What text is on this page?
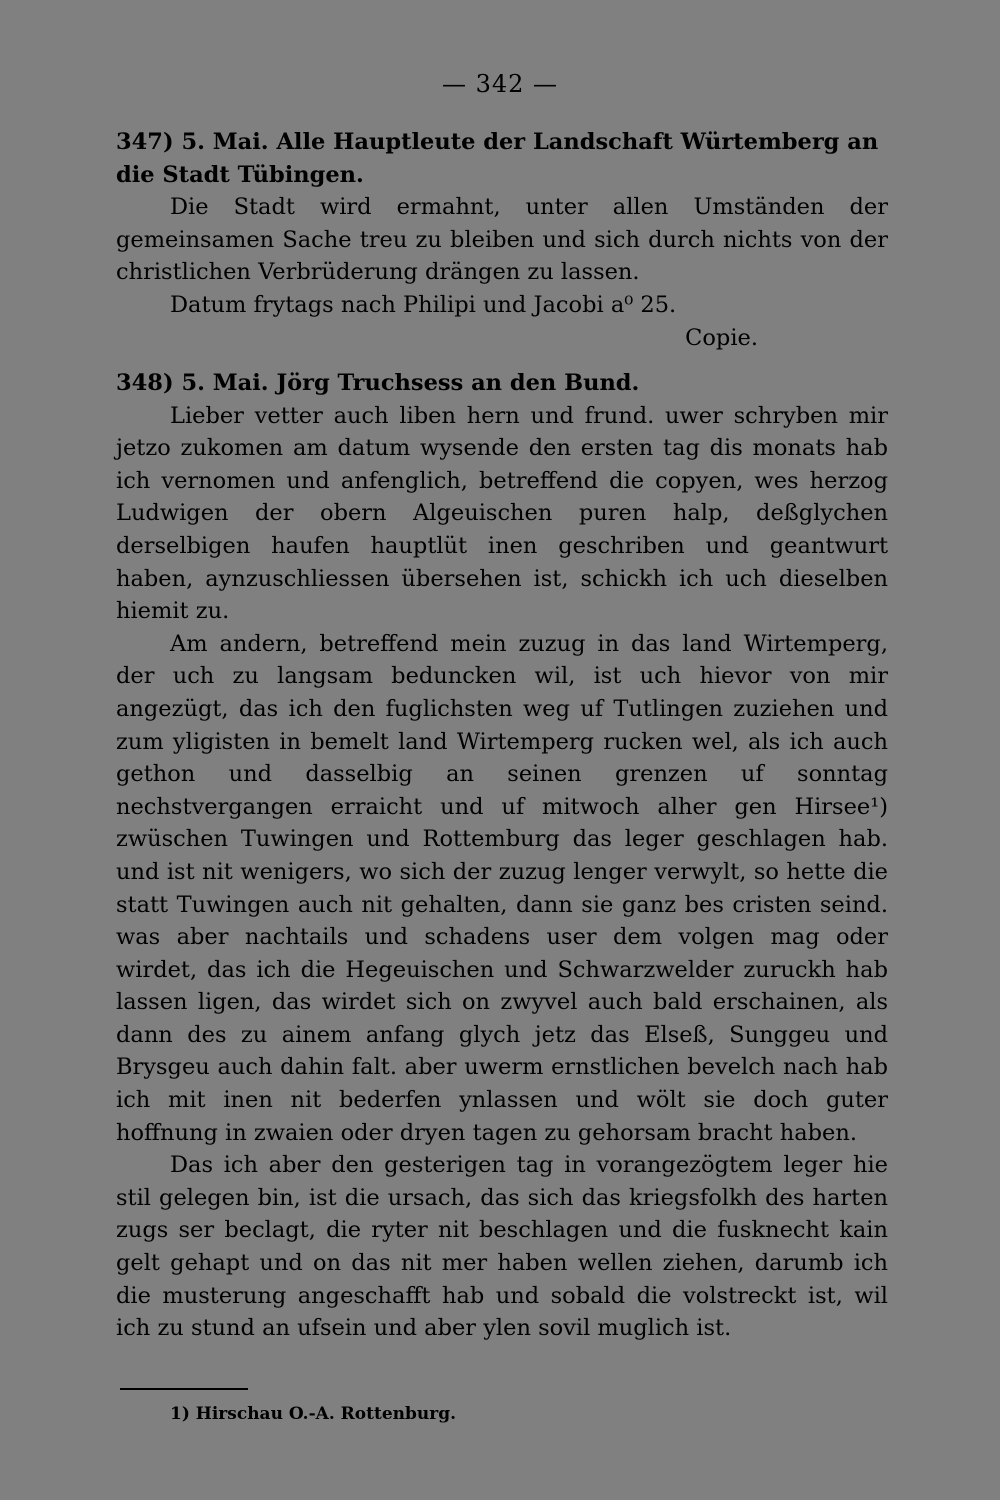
— 342 —

347) 5. Mai. Alle Hauptleute der Landschaft Würtemberg an die Stadt Tübingen.

Die Stadt wird ermahnt, unter allen Umständen der gemeinsamen Sache treu zu bleiben und sich durch nichts von der christlichen Verbrüderung drängen zu lassen.

Datum frytags nach Philipi und Jacobi a⁰ 25.

Copie.

348) 5. Mai. Jörg Truchsess an den Bund.

Lieber vetter auch liben hern und frund. uwer schryben mir jetzo zukomen am datum wysende den ersten tag dis monats hab ich vernomen und anfenglich, betreffend die copyen, wes herzog Ludwigen der obern Algeuischen puren halp, deßglychen derselbigen haufen hauptlüt inen geschriben und geantwurt haben, aynzuschliessen übersehen ist, schickh ich uch dieselben hiemit zu.

Am andern, betreffend mein zuzug in das land Wirtemperg, der uch zu langsam beduncken wil, ist uch hievor von mir angezügt, das ich den fuglichsten weg uf Tutlingen zuziehen und zum yligisten in bemelt land Wirtemperg rucken wel, als ich auch gethon und dasselbig an seinen grenzen uf sonntag nechstvergangen erraicht und uf mitwoch alher gen Hirsee¹) zwüschen Tuwingen und Rottemburg das leger geschlagen hab. und ist nit wenigers, wo sich der zuzug lenger verwylt, so hette die statt Tuwingen auch nit gehalten, dann sie ganz bes cristen seind. was aber nachtails und schadens user dem volgen mag oder wirdet, das ich die Hegeuischen und Schwarzwelder zuruckh hab lassen ligen, das wirdet sich on zwyvel auch bald erschainen, als dann des zu ainem anfang glych jetz das Elseß, Sunggeu und Brysgeu auch dahin falt. aber uwerm ernstlichen bevelch nach hab ich mit inen nit bederfen ynlassen und wölt sie doch guter hoffnung in zwaien oder dryen tagen zu gehorsam bracht haben.

Das ich aber den gesterigen tag in vorangezögtem leger hie stil gelegen bin, ist die ursach, das sich das kriegsfolkh des harten zugs ser beclagt, die ryter nit beschlagen und die fusknecht kain gelt gehapt und on das nit mer haben wellen ziehen, darumb ich die musterung angeschafft hab und sobald die volstreckt ist, wil ich zu stund an ufsein und aber ylen sovil muglich ist.

1) Hirschau O.-A. Rottenburg.
